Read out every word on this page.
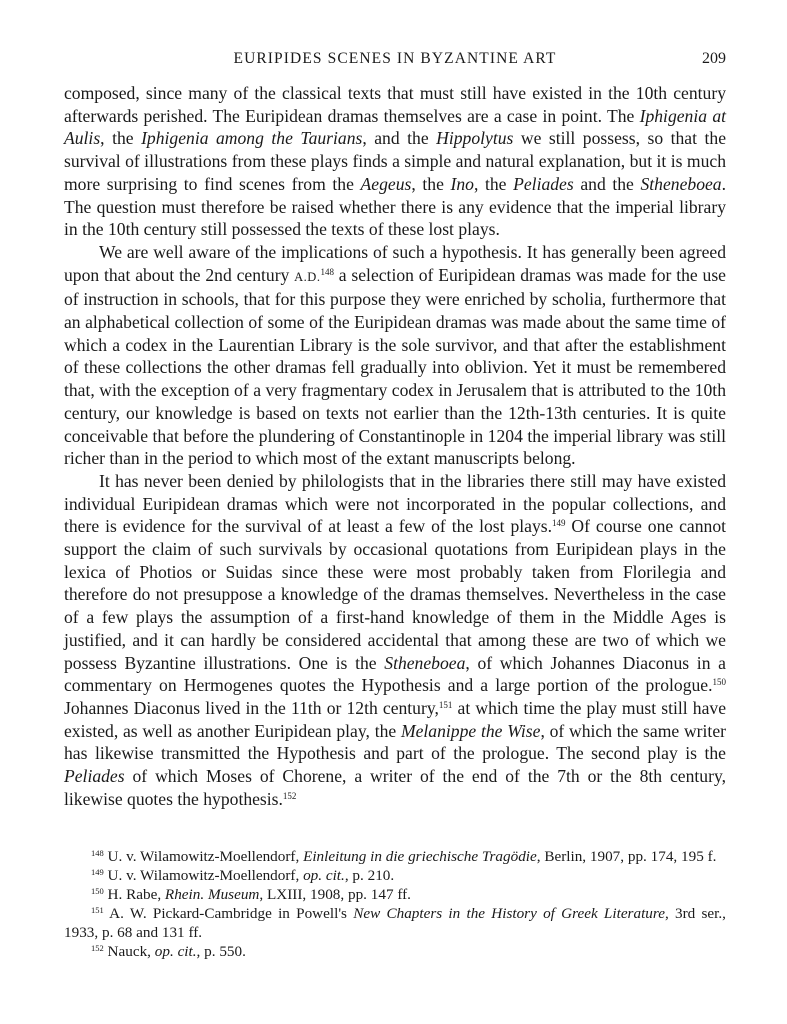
EURIPIDES SCENES IN BYZANTINE ART	209

composed, since many of the classical texts that must still have existed in the 10th century afterwards perished. The Euripidean dramas themselves are a case in point. The Iphigenia at Aulis, the Iphigenia among the Taurians, and the Hippolytus we still possess, so that the survival of illustrations from these plays finds a simple and natural explanation, but it is much more surprising to find scenes from the Aegeus, the Ino, the Peliades and the Stheneboea. The question must therefore be raised whether there is any evidence that the imperial library in the 10th century still possessed the texts of these lost plays.

We are well aware of the implications of such a hypothesis. It has generally been agreed upon that about the 2nd century A.D.$^{148}$ a selection of Euripidean dramas was made for the use of instruction in schools, that for this purpose they were enriched by scholia, furthermore that an alphabetical collection of some of the Euripidean dramas was made about the same time of which a codex in the Laurentian Library is the sole survivor, and that after the establishment of these collections the other dramas fell gradually into oblivion. Yet it must be remembered that, with the exception of a very fragmentary codex in Jerusalem that is attributed to the 10th century, our knowledge is based on texts not earlier than the 12th-13th centuries. It is quite conceivable that before the plundering of Constantinople in 1204 the imperial library was still richer than in the period to which most of the extant manuscripts belong.

It has never been denied by philologists that in the libraries there still may have existed individual Euripidean dramas which were not incorporated in the popular collections, and there is evidence for the survival of at least a few of the lost plays.$^{149}$ Of course one cannot support the claim of such survivals by occasional quotations from Euripidean plays in the lexica of Photios or Suidas since these were most probably taken from Florilegia and therefore do not presuppose a knowledge of the dramas themselves. Nevertheless in the case of a few plays the assumption of a first-hand knowledge of them in the Middle Ages is justified, and it can hardly be considered accidental that among these are two of which we possess Byzantine illustrations. One is the Stheneboea, of which Johannes Diaconus in a commentary on Hermogenes quotes the Hypothesis and a large portion of the prologue.$^{150}$ Johannes Diaconus lived in the 11th or 12th century,$^{151}$ at which time the play must still have existed, as well as another Euripidean play, the Melanippe the Wise, of which the same writer has likewise transmitted the Hypothesis and part of the prologue. The second play is the Peliades of which Moses of Chorene, a writer of the end of the 7th or the 8th century, likewise quotes the hypothesis.$^{152}$

$^{148}$ U. v. Wilamowitz-Moellendorf, Einleitung in die griechische Tragödie, Berlin, 1907, pp. 174, 195 f.

$^{149}$ U. v. Wilamowitz-Moellendorf, op. cit., p. 210.

$^{150}$ H. Rabe, Rhein. Museum, LXIII, 1908, pp. 147 ff.

$^{151}$ A. W. Pickard-Cambridge in Powell's New Chapters in the History of Greek Literature, 3rd ser., 1933, p. 68 and 131 ff.

$^{152}$ Nauck, op. cit., p. 550.
